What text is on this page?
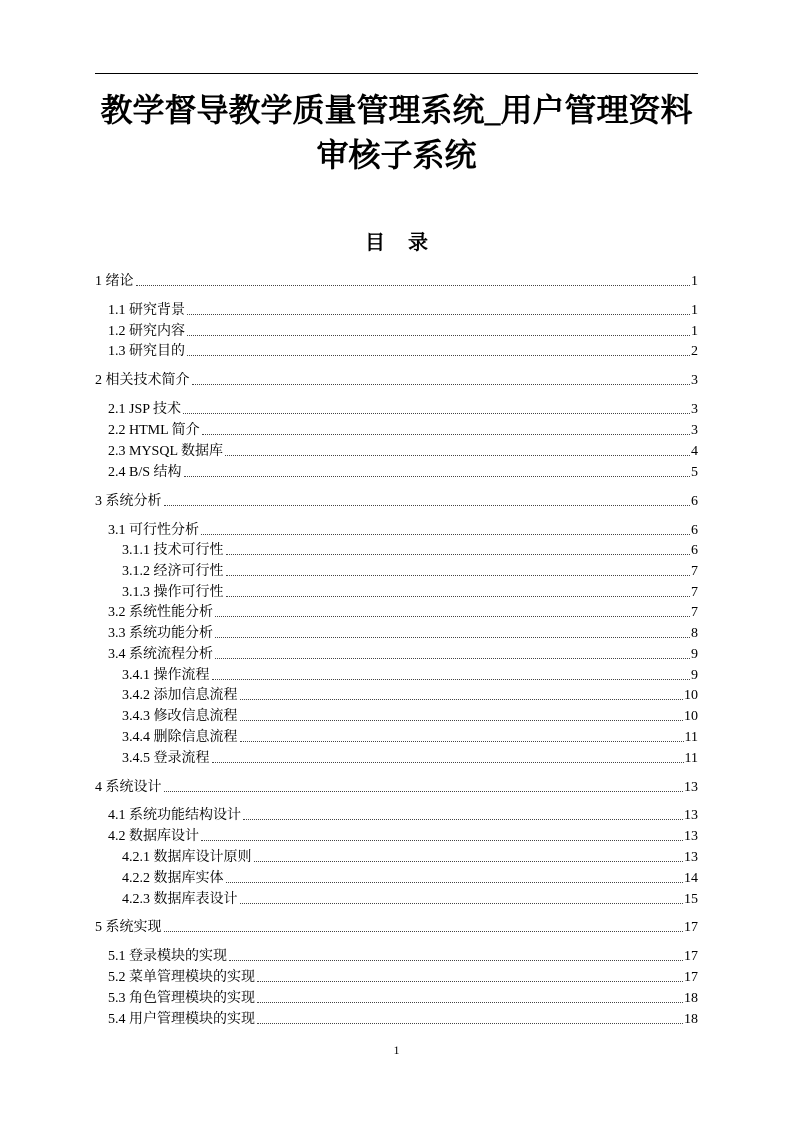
教学督导教学质量管理系统_用户管理资料
审核子系统
目 录
1 绪论	1
1.1 研究背景	1
1.2 研究内容	1
1.3 研究目的	2
2 相关技术简介	3
2.1 JSP 技术	3
2.2 HTML 简介	3
2.3 MYSQL 数据库	4
2.4 B/S 结构	5
3 系统分析	6
3.1 可行性分析	6
3.1.1 技术可行性	6
3.1.2 经济可行性	7
3.1.3 操作可行性	7
3.2 系统性能分析	7
3.3 系统功能分析	8
3.4 系统流程分析	9
3.4.1 操作流程	9
3.4.2 添加信息流程	10
3.4.3 修改信息流程	10
3.4.4 删除信息流程	11
3.4.5 登录流程	11
4 系统设计	13
4.1 系统功能结构设计	13
4.2 数据库设计	13
4.2.1 数据库设计原则	13
4.2.2 数据库实体	14
4.2.3 数据库表设计	15
5 系统实现	17
5.1 登录模块的实现	17
5.2 菜单管理模块的实现	17
5.3 角色管理模块的实现	18
5.4 用户管理模块的实现	18

1
